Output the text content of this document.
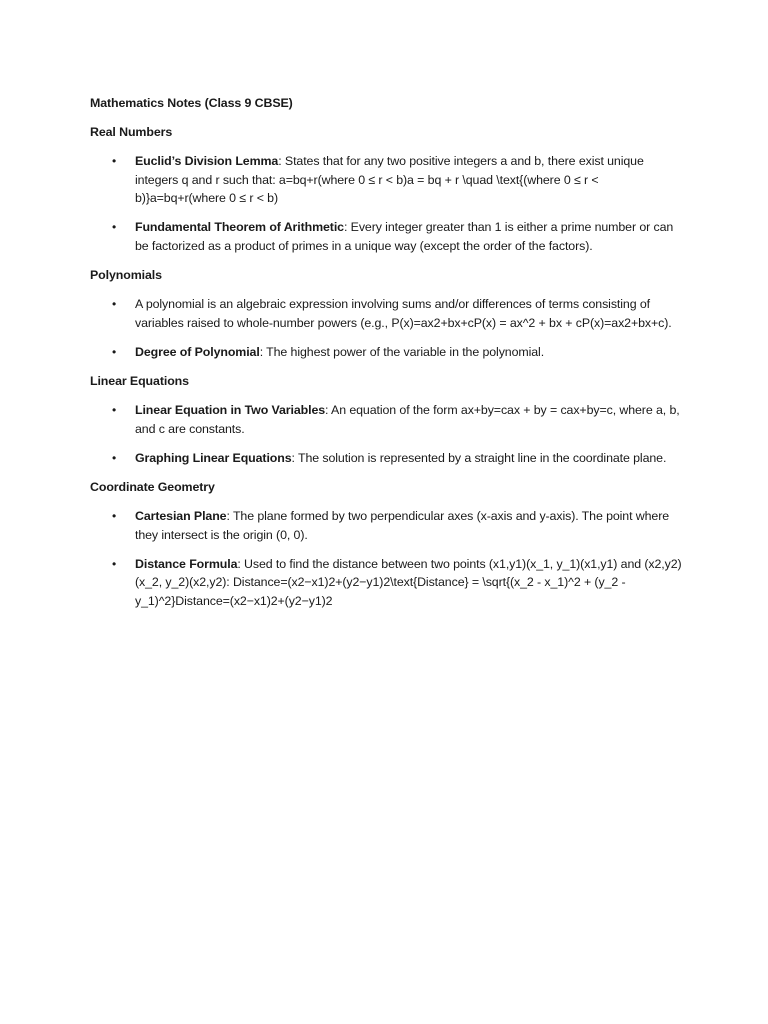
Mathematics Notes (Class 9 CBSE)

Real Numbers

• Euclid’s Division Lemma: States that for any two positive integers a and b, there exist unique integers q and r such that: a=bq+r(where 0 ≤ r < b)a = bq + r \quad \text{(where 0 ≤ r < b)}a=bq+r(where 0 ≤ r < b)
• Fundamental Theorem of Arithmetic: Every integer greater than 1 is either a prime number or can be factorized as a product of primes in a unique way (except the order of the factors).

Polynomials

• A polynomial is an algebraic expression involving sums and/or differences of terms consisting of variables raised to whole-number powers (e.g., P(x)=ax2+bx+cP(x) = ax^2 + bx + cP(x)=ax2+bx+c).
• Degree of Polynomial: The highest power of the variable in the polynomial.

Linear Equations

• Linear Equation in Two Variables: An equation of the form ax+by=cax + by = cax+by=c, where a, b, and c are constants.
• Graphing Linear Equations: The solution is represented by a straight line in the coordinate plane.

Coordinate Geometry

• Cartesian Plane: The plane formed by two perpendicular axes (x-axis and y-axis). The point where they intersect is the origin (0, 0).
• Distance Formula: Used to find the distance between two points (x1,y1)(x_1, y_1)(x1,y1) and (x2,y2)(x_2, y_2)(x2,y2): Distance=(x2−x1)2+(y2−y1)2\text{Distance} = \sqrt{(x_2 - x_1)^2 + (y_2 - y_1)^2}Distance=(x2−x1)2+(y2−y1)2
